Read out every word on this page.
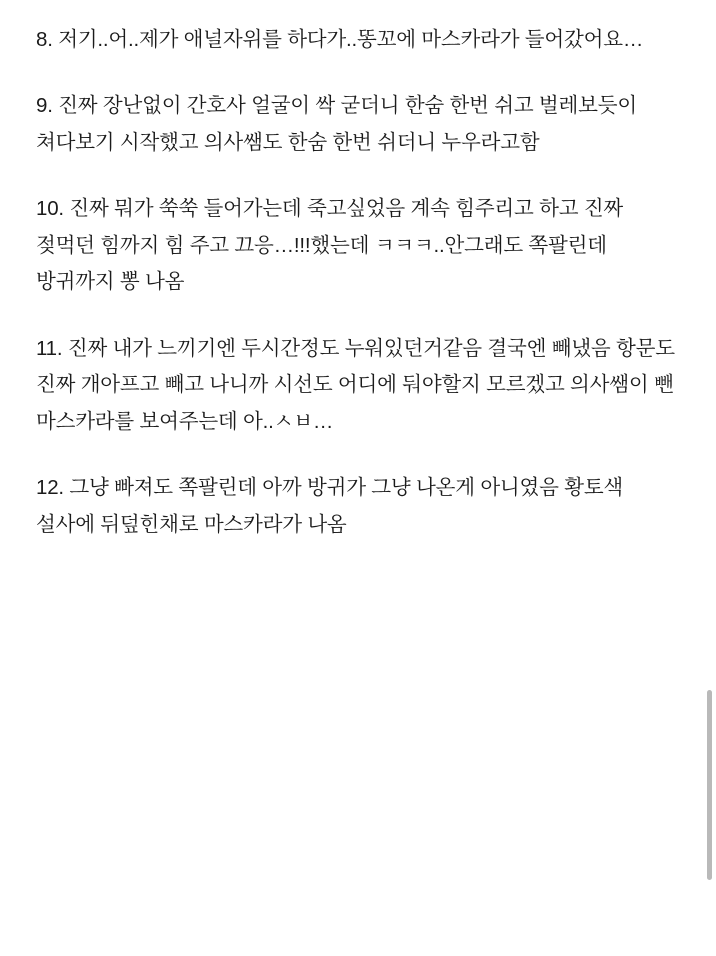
8. 저기..어..제가 애널자위를 하다가..똥꼬에 마스카라가 들어갔어요…

9. 진짜 장난없이 간호사 얼굴이 싹 굳더니 한숨 한번 쉬고 벌레보듯이 쳐다보기 시작했고 의사쌤도 한숨 한번 쉬더니 누우라고함

10. 진짜 뭐가 쑥쑥 들어가는데 죽고싶었음 계속 힘주리고 하고 진짜 젖먹던 힘까지 힘 주고 끄응…!!!했는데 ㅋㅋㅋ..안그래도 쪽팔린데 방귀까지 뽕 나옴

11. 진짜 내가 느끼기엔 두시간정도 누워있던거같음 결국엔 빼냈음 항문도 진짜 개아프고 빼고 나니까 시선도 어디에 둬야할지 모르겠고 의사쌤이 뺀 마스카라를 보여주는데 아..ㅅㅂ…

12. 그냥 빠져도 쪽팔린데 아까 방귀가 그냥 나온게 아니였음 황토색 설사에 뒤덮힌채로 마스카라가 나옴
